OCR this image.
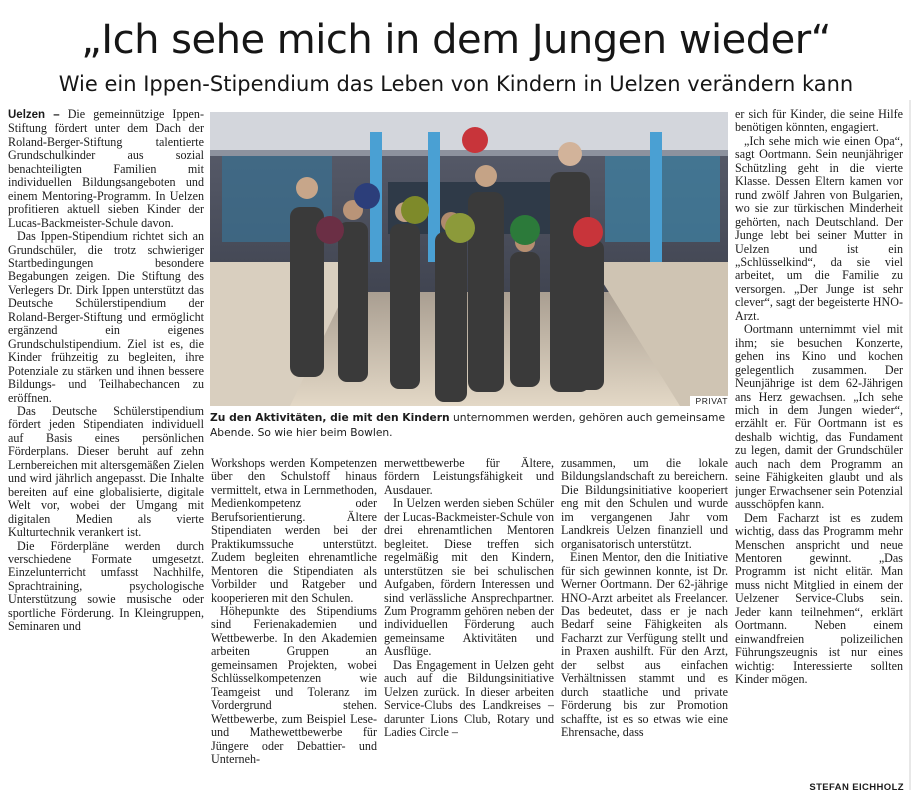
„Ich sehe mich in dem Jungen wieder“
Wie ein Ippen-Stipendium das Leben von Kindern in Uelzen verändern kann

Uelzen – Die gemeinnützige Ippen-Stiftung fördert unter dem Dach der Roland-Berger-Stiftung talentierte Grundschulkinder aus sozial benachteiligten Familien mit individuellen Bildungsangeboten und einem Mentoring-Programm. In Uelzen profitieren aktuell sieben Kinder der Lucas-Backmeister-Schule davon.

Das Ippen-Stipendium richtet sich an Grundschüler, die trotz schwieriger Startbedingungen besondere Begabungen zeigen. Die Stiftung des Verlegers Dr. Dirk Ippen unterstützt das Deutsche Schülerstipendium der Roland-Berger-Stiftung und ermöglicht ergänzend ein eigenes Grundschulstipendium. Ziel ist es, die Kinder frühzeitig zu begleiten, ihre Potenziale zu stärken und ihnen bessere Bildungs- und Teilhabechancen zu eröffnen.

Das Deutsche Schülerstipendium fördert jeden Stipendiaten individuell auf Basis eines persönlichen Förderplans. Dieser beruht auf zehn Lernbereichen mit altersgemäßen Zielen und wird jährlich angepasst. Die Inhalte bereiten auf eine globalisierte, digitale Welt vor, wobei der Umgang mit digitalen Medien als vierte Kulturtechnik verankert ist.

Die Förderpläne werden durch verschiedene Formate umgesetzt. Einzelunterricht umfasst Nachhilfe, Sprachtraining, psychologische Unterstützung sowie musische oder sportliche Förderung. In Kleingruppen, Seminaren und

PRIVAT
Zu den Aktivitäten, die mit den Kindern unternommen werden, gehören auch gemeinsame Abende. So wie hier beim Bowlen.

Workshops werden Kompetenzen über den Schulstoff hinaus vermittelt, etwa in Lernmethoden, Medienkompetenz oder Berufsorientierung. Ältere Stipendiaten werden bei der Praktikumssuche unterstützt. Zudem begleiten ehrenamtliche Mentoren die Stipendiaten als Vorbilder und Ratgeber und kooperieren mit den Schulen.

Höhepunkte des Stipendiums sind Ferienakademien und Wettbewerbe. In den Akademien arbeiten Gruppen an gemeinsamen Projekten, wobei Schlüsselkompetenzen wie Teamgeist und Toleranz im Vordergrund stehen. Wettbewerbe, zum Beispiel Lese- und Mathewettbewerbe für Jüngere oder Debattier- und Unterneh-

merwettbewerbe für Ältere, fördern Leistungsfähigkeit und Ausdauer.

In Uelzen werden sieben Schüler der Lucas-Backmeister-Schule von drei ehrenamtlichen Mentoren begleitet. Diese treffen sich regelmäßig mit den Kindern, unterstützen sie bei schulischen Aufgaben, fördern Interessen und sind verlässliche Ansprechpartner. Zum Programm gehören neben der individuellen Förderung auch gemeinsame Aktivitäten und Ausflüge.

Das Engagement in Uelzen geht auch auf die Bildungsinitiative Uelzen zurück. In dieser arbeiten Service-Clubs des Landkreises – darunter Lions Club, Rotary und Ladies Circle –

zusammen, um die lokale Bildungslandschaft zu bereichern. Die Bildungsinitiative kooperiert eng mit den Schulen und wurde im vergangenen Jahr vom Landkreis Uelzen finanziell und organisatorisch unterstützt.

Einen Mentor, den die Initiative für sich gewinnen konnte, ist Dr. Werner Oortmann. Der 62-jährige HNO-Arzt arbeitet als Freelancer. Das bedeutet, dass er je nach Bedarf seine Fähigkeiten als Facharzt zur Verfügung stellt und in Praxen aushilft. Für den Arzt, der selbst aus einfachen Verhältnissen stammt und es durch staatliche und private Förderung bis zur Promotion schaffte, ist es so etwas wie eine Ehrensache, dass

er sich für Kinder, die seine Hilfe benötigen könnten, engagiert.

„Ich sehe mich wie einen Opa“, sagt Oortmann. Sein neunjähriger Schützling geht in die vierte Klasse. Dessen Eltern kamen vor rund zwölf Jahren von Bulgarien, wo sie zur türkischen Minderheit gehörten, nach Deutschland. Der Junge lebt bei seiner Mutter in Uelzen und ist ein „Schlüsselkind“, da sie viel arbeitet, um die Familie zu versorgen. „Der Junge ist sehr clever“, sagt der begeisterte HNO-Arzt.

Oortmann unternimmt viel mit ihm; sie besuchen Konzerte, gehen ins Kino und kochen gelegentlich zusammen. Der Neunjährige ist dem 62-Jährigen ans Herz gewachsen. „Ich sehe mich in dem Jungen wieder“, erzählt er. Für Oortmann ist es deshalb wichtig, das Fundament zu legen, damit der Grundschüler auch nach dem Programm an seine Fähigkeiten glaubt und als junger Erwachsener sein Potenzial ausschöpfen kann.

Dem Facharzt ist es zudem wichtig, dass das Programm mehr Menschen anspricht und neue Mentoren gewinnt. „Das Programm ist nicht elitär. Man muss nicht Mitglied in einem der Uelzener Service-Clubs sein. Jeder kann teilnehmen“, erklärt Oortmann. Neben einem einwandfreien polizeilichen Führungszeugnis ist nur eines wichtig: Interessierte sollten Kinder mögen.

STEFAN EICHHOLZ
